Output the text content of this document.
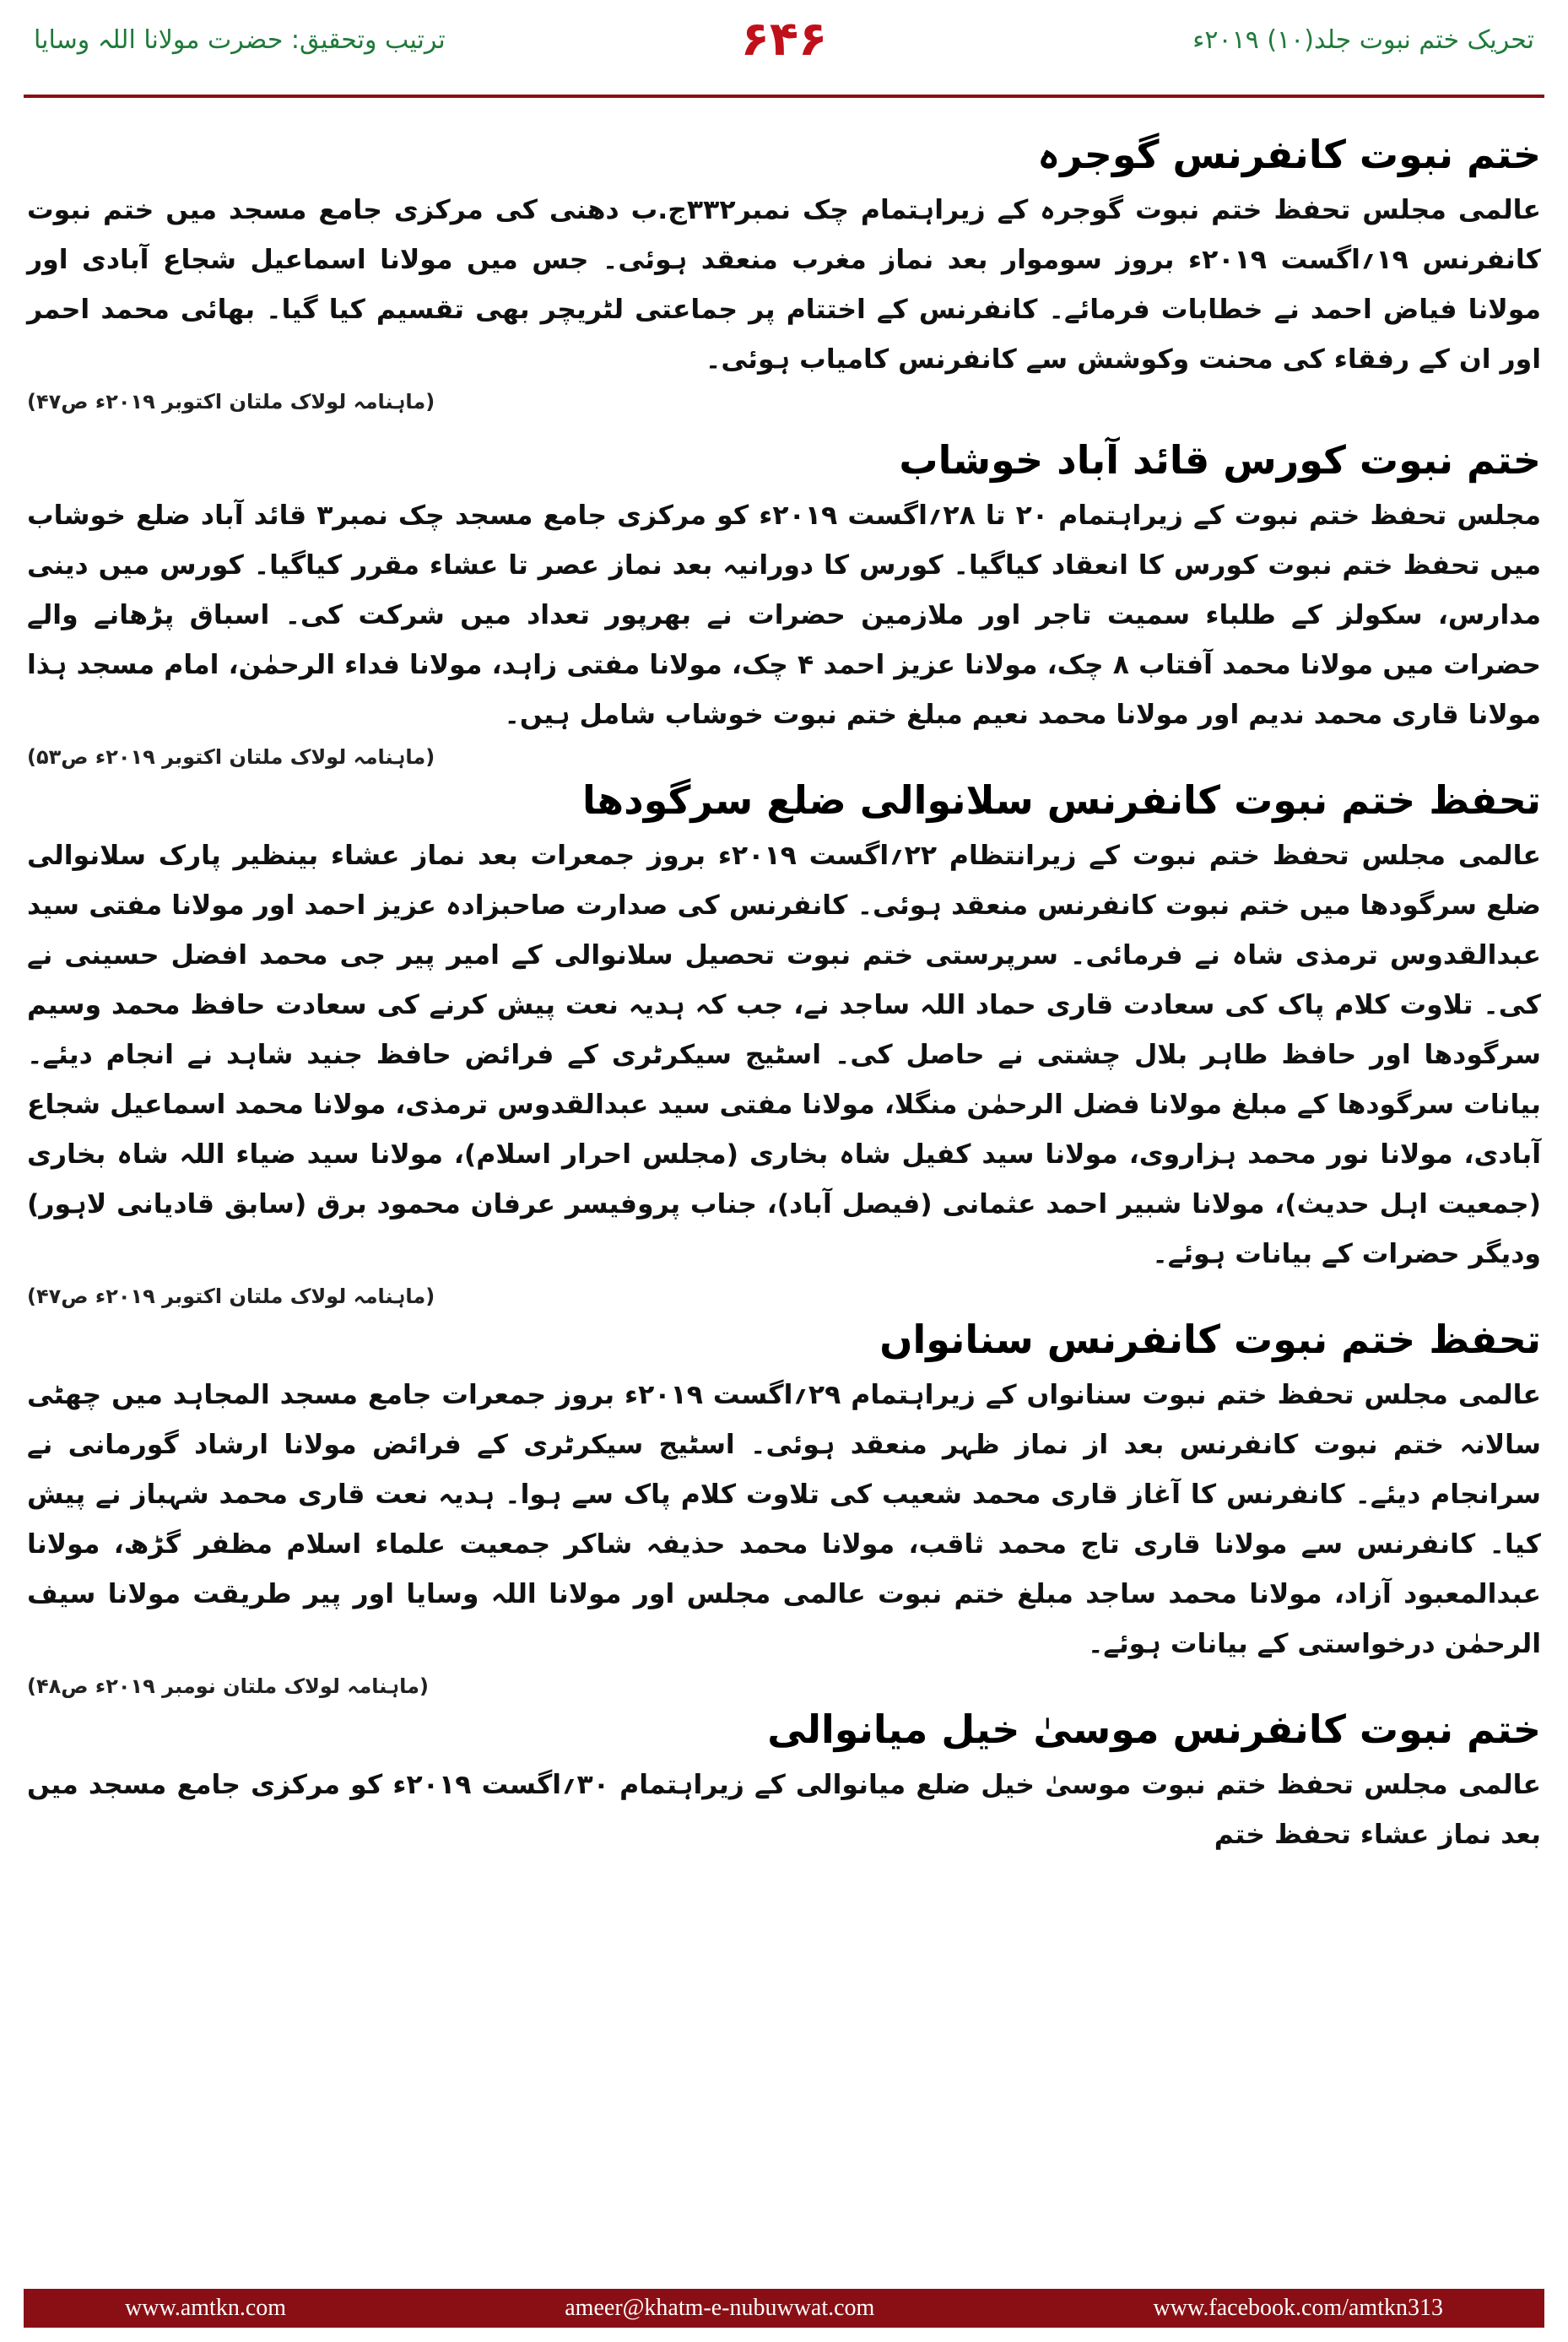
تحریک ختم نبوت جلد(۱۰) ۲۰۱۹ء
۶۴۶
ترتیب وتحقیق: حضرت مولانا اللہ وسایا
ختم نبوت کانفرنس گوجرہ

عالمی مجلس تحفظ ختم نبوت گوجرہ کے زیراہتمام چک نمبر۳۳۲ج.ب دھنی کی مرکزی جامع مسجد میں ختم نبوت کانفرنس ۱۹؍اگست ۲۰۱۹ء بروز سوموار بعد نماز مغرب منعقد ہوئی۔ جس میں مولانا اسماعیل شجاع آبادی اور مولانا فیاض احمد نے خطابات فرمائے۔ کانفرنس کے اختتام پر جماعتی لٹریچر بھی تقسیم کیا گیا۔ بھائی محمد احمر اور ان کے رفقاء کی محنت وکوشش سے کانفرنس کامیاب ہوئی۔

(ماہنامہ لولاک ملتان اکتوبر ۲۰۱۹ء ص۴۷)

ختم نبوت کورس قائد آباد خوشاب

مجلس تحفظ ختم نبوت کے زیراہتمام ۲۰ تا ۲۸؍اگست ۲۰۱۹ء کو مرکزی جامع مسجد چک نمبر۳ قائد آباد ضلع خوشاب میں تحفظ ختم نبوت کورس کا انعقاد کیاگیا۔ کورس کا دورانیہ بعد نماز عصر تا عشاء مقرر کیاگیا۔ کورس میں دینی مدارس، سکولز کے طلباء سمیت تاجر اور ملازمین حضرات نے بھرپور تعداد میں شرکت کی۔ اسباق پڑھانے والے حضرات میں مولانا محمد آفتاب ۸ چک، مولانا عزیز احمد ۴ چک، مولانا مفتی زاہد، مولانا فداء الرحمٰن، امام مسجد ہذا مولانا قاری محمد ندیم اور مولانا محمد نعیم مبلغ ختم نبوت خوشاب شامل ہیں۔

(ماہنامہ لولاک ملتان اکتوبر ۲۰۱۹ء ص۵۳)

تحفظ ختم نبوت کانفرنس سلانوالی ضلع سرگودھا

عالمی مجلس تحفظ ختم نبوت کے زیرانتظام ۲۲؍اگست ۲۰۱۹ء بروز جمعرات بعد نماز عشاء بینظیر پارک سلانوالی ضلع سرگودھا میں ختم نبوت کانفرنس منعقد ہوئی۔ کانفرنس کی صدارت صاحبزادہ عزیز احمد اور مولانا مفتی سید عبدالقدوس ترمذی شاہ نے فرمائی۔ سرپرستی ختم نبوت تحصیل سلانوالی کے امیر پیر جی محمد افضل حسینی نے کی۔ تلاوت کلام پاک کی سعادت قاری حماد اللہ ساجد نے، جب کہ ہدیہ نعت پیش کرنے کی سعادت حافظ محمد وسیم سرگودھا اور حافظ طاہر بلال چشتی نے حاصل کی۔ اسٹیج سیکرٹری کے فرائض حافظ جنید شاہد نے انجام دیئے۔ بیانات سرگودھا کے مبلغ مولانا فضل الرحمٰن منگلا، مولانا مفتی سید عبدالقدوس ترمذی، مولانا محمد اسماعیل شجاع آبادی، مولانا نور محمد ہزاروی، مولانا سید کفیل شاہ بخاری (مجلس احرار اسلام)، مولانا سید ضیاء اللہ شاہ بخاری (جمعیت اہل حدیث)، مولانا شبیر احمد عثمانی (فیصل آباد)، جناب پروفیسر عرفان محمود برق (سابق قادیانی لاہور) ودیگر حضرات کے بیانات ہوئے۔

(ماہنامہ لولاک ملتان اکتوبر ۲۰۱۹ء ص۴۷)

تحفظ ختم نبوت کانفرنس سنانواں

عالمی مجلس تحفظ ختم نبوت سنانواں کے زیراہتمام ۲۹؍اگست ۲۰۱۹ء بروز جمعرات جامع مسجد المجاہد میں چھٹی سالانہ ختم نبوت کانفرنس بعد از نماز ظہر منعقد ہوئی۔ اسٹیج سیکرٹری کے فرائض مولانا ارشاد گورمانی نے سرانجام دیئے۔ کانفرنس کا آغاز قاری محمد شعیب کی تلاوت کلام پاک سے ہوا۔ ہدیہ نعت قاری محمد شہباز نے پیش کیا۔ کانفرنس سے مولانا قاری تاج محمد ثاقب، مولانا محمد حذیفہ شاکر جمعیت علماء اسلام مظفر گڑھ، مولانا عبدالمعبود آزاد، مولانا محمد ساجد مبلغ ختم نبوت عالمی مجلس اور مولانا اللہ وسایا اور پیر طریقت مولانا سیف الرحمٰن درخواستی کے بیانات ہوئے۔

(ماہنامہ لولاک ملتان نومبر ۲۰۱۹ء ص۴۸)

ختم نبوت کانفرنس موسیٰ خیل میانوالی

عالمی مجلس تحفظ ختم نبوت موسیٰ خیل ضلع میانوالی کے زیراہتمام ۳۰؍اگست ۲۰۱۹ء کو مرکزی جامع مسجد میں بعد نماز عشاء تحفظ ختم

www.amtkn.com	ameer@khatm-e-nubuwwat.com	www.facebook.com/amtkn313
